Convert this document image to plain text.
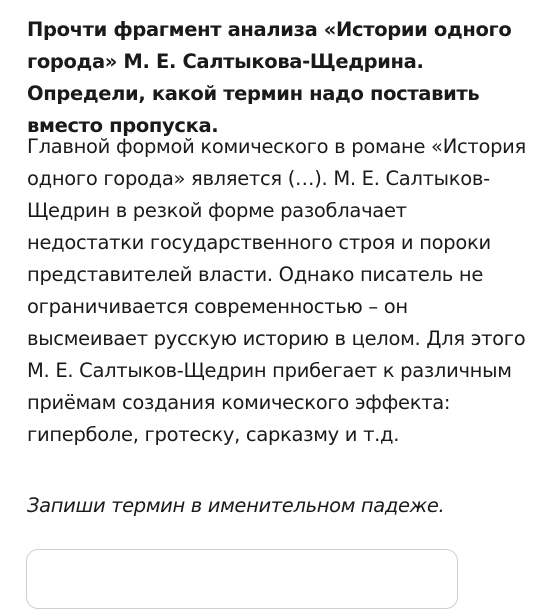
Прочти фрагмент анализа «Истории одного города» М. Е. Салтыкова-Щедрина. Определи, какой термин надо поставить вместо пропуска.

Главной формой комического в романе «История одного города» является (…). М. Е. Салтыков-Щедрин в резкой форме разоблачает недостатки государственного строя и пороки представителей власти. Однако писатель не ограничивается современностью – он высмеивает русскую историю в целом. Для этого М. Е. Салтыков-Щедрин прибегает к различным приёмам создания комического эффекта: гиперболе, гротеску, сарказму и т.д.

Запиши термин в именительном падеже.
